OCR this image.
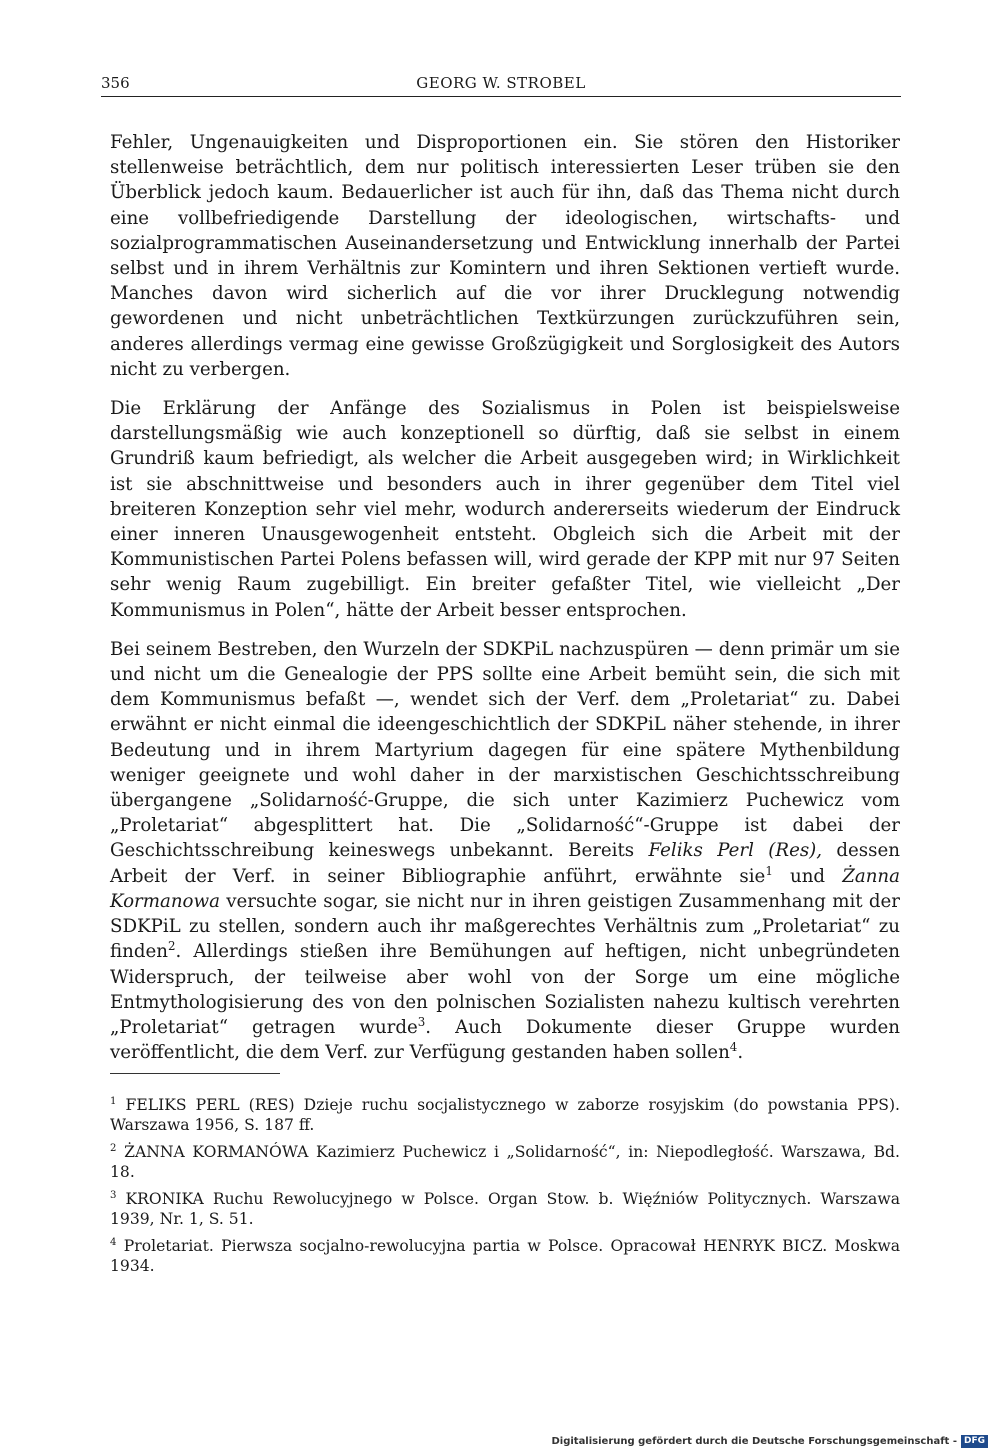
356	GEORG W. STROBEL

Fehler, Ungenauigkeiten und Disproportionen ein. Sie stören den Historiker stellenweise beträchtlich, dem nur politisch interessierten Leser trüben sie den Überblick jedoch kaum. Bedauerlicher ist auch für ihn, daß das Thema nicht durch eine vollbefriedigende Darstellung der ideologischen, wirtschafts- und sozialprogrammatischen Auseinandersetzung und Entwicklung innerhalb der Partei selbst und in ihrem Verhältnis zur Komintern und ihren Sektionen vertieft wurde. Manches davon wird sicherlich auf die vor ihrer Drucklegung notwendig gewordenen und nicht unbeträchtlichen Textkürzungen zurückzuführen sein, anderes allerdings vermag eine gewisse Großzügigkeit und Sorglosigkeit des Autors nicht zu verbergen.

Die Erklärung der Anfänge des Sozialismus in Polen ist beispielsweise darstellungsmäßig wie auch konzeptionell so dürftig, daß sie selbst in einem Grundriß kaum befriedigt, als welcher die Arbeit ausgegeben wird; in Wirklichkeit ist sie abschnittweise und besonders auch in ihrer gegenüber dem Titel viel breiteren Konzeption sehr viel mehr, wodurch andererseits wiederum der Eindruck einer inneren Unausgewogenheit entsteht. Obgleich sich die Arbeit mit der Kommunistischen Partei Polens befassen will, wird gerade der KPP mit nur 97 Seiten sehr wenig Raum zugebilligt. Ein breiter gefaßter Titel, wie vielleicht „Der Kommunismus in Polen“, hätte der Arbeit besser entsprochen.

Bei seinem Bestreben, den Wurzeln der SDKPiL nachzuspüren — denn primär um sie und nicht um die Genealogie der PPS sollte eine Arbeit bemüht sein, die sich mit dem Kommunismus befaßt —, wendet sich der Verf. dem „Proletariat“ zu. Dabei erwähnt er nicht einmal die ideengeschichtlich der SDKPiL näher stehende, in ihrer Bedeutung und in ihrem Martyrium dagegen für eine spätere Mythenbildung weniger geeignete und wohl daher in der marxistischen Geschichtsschreibung übergangene „Solidarność-Gruppe, die sich unter Kazimierz Puchewicz vom „Proletariat“ abgesplittert hat. Die „Solidarność“-Gruppe ist dabei der Geschichtsschreibung keineswegs unbekannt. Bereits Feliks Perl (Res), dessen Arbeit der Verf. in seiner Bibliographie anführt, erwähnte sie$^1$ und Żanna Kormanowa versuchte sogar, sie nicht nur in ihren geistigen Zusammenhang mit der SDKPiL zu stellen, sondern auch ihr maßgerechtes Verhältnis zum „Proletariat“ zu finden$^2$. Allerdings stießen ihre Bemühungen auf heftigen, nicht unbegründeten Widerspruch, der teilweise aber wohl von der Sorge um eine mögliche Entmythologisierung des von den polnischen Sozialisten nahezu kultisch verehrten „Proletariat“ getragen wurde$^3$. Auch Dokumente dieser Gruppe wurden veröffentlicht, die dem Verf. zur Verfügung gestanden haben sollen$^4$.

$^1$ FELIKS PERL (RES) Dzieje ruchu socjalistycznego w zaborze rosyjskim (do powstania PPS). Warszawa 1956, S. 187 ff.

$^2$ ŻANNA KORMANÓWA Kazimierz Puchewicz i „Solidarność“, in: Niepodległość. Warszawa, Bd. 18.

$^3$ KRONIKA Ruchu Rewolucyjnego w Polsce. Organ Stow. b. Więźniów Politycznych. Warszawa 1939, Nr. 1, S. 51.

$^4$ Proletariat. Pierwsza socjalno-rewolucyjna partia w Polsce. Opracował HENRYK BICZ. Moskwa 1934.

Digitalisierung gefördert durch die Deutsche Forschungsgemeinschaft - DFG
